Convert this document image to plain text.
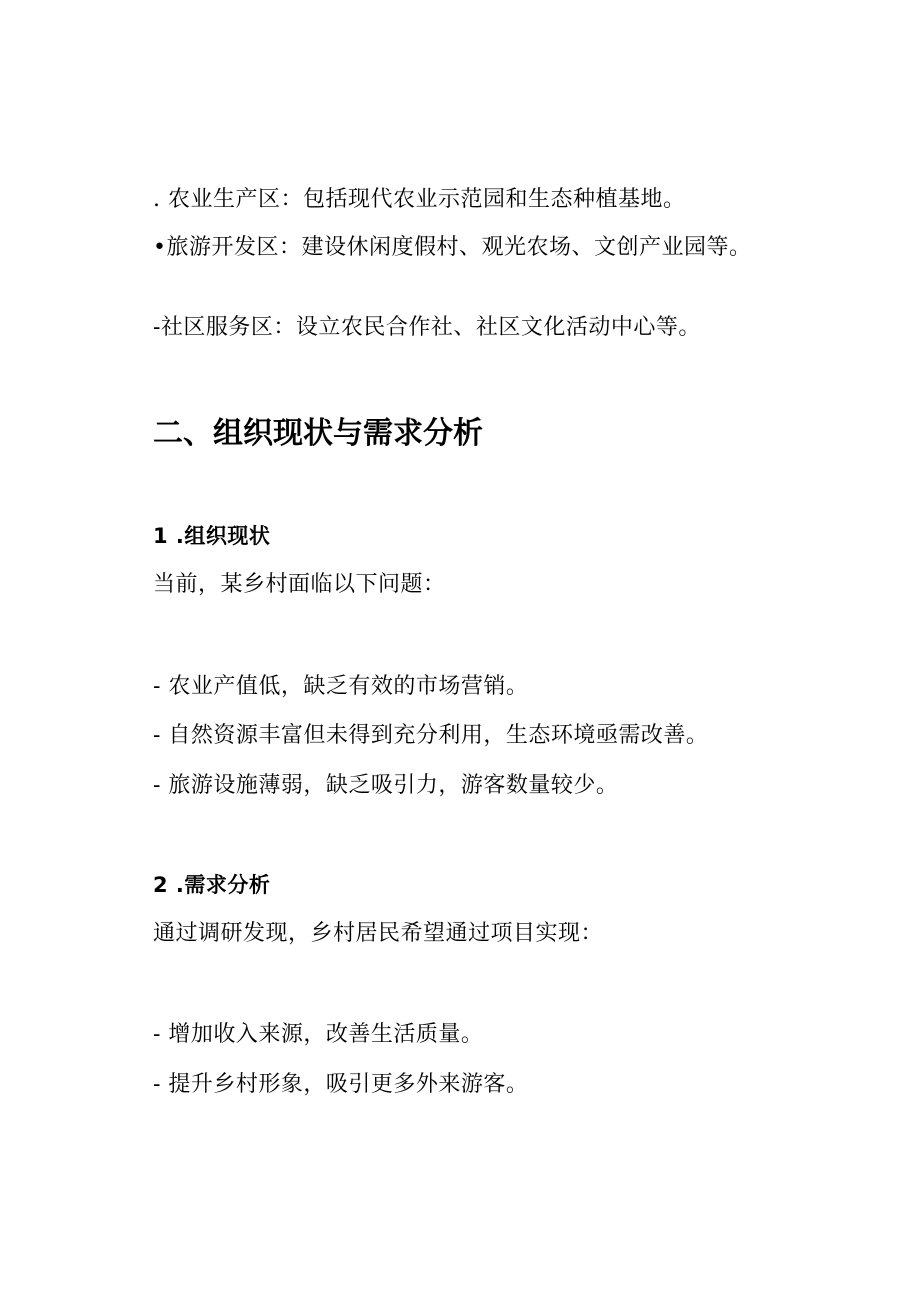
. 农业生产区：包括现代农业示范园和生态种植基地。
•旅游开发区：建设休闲度假村、观光农场、文创产业园等。
-社区服务区：设立农民合作社、社区文化活动中心等。
二、组织现状与需求分析
1 .组织现状
当前，某乡村面临以下问题：
- 农业产值低，缺乏有效的市场营销。
- 自然资源丰富但未得到充分利用，生态环境亟需改善。
- 旅游设施薄弱，缺乏吸引力，游客数量较少。
2 .需求分析
通过调研发现，乡村居民希望通过项目实现：
- 增加收入来源，改善生活质量。
- 提升乡村形象，吸引更多外来游客。
